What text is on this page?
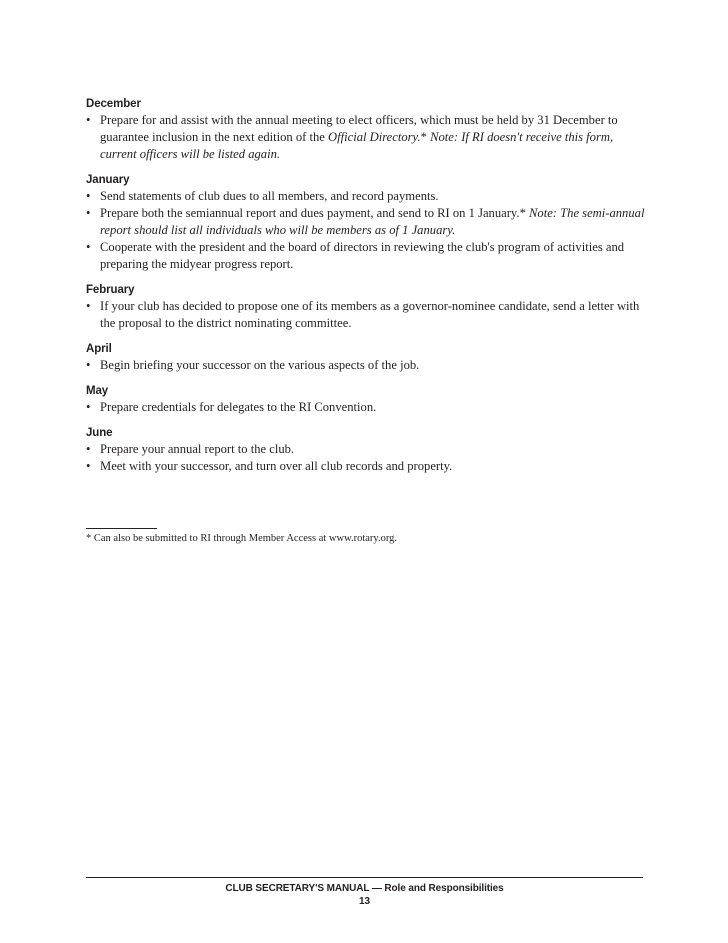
December
• Prepare for and assist with the annual meeting to elect officers, which must be held by 31 December to guarantee inclusion in the next edition of the Official Directory.* Note: If RI doesn't receive this form, current officers will be listed again.
January
• Send statements of club dues to all members, and record payments.
• Prepare both the semiannual report and dues payment, and send to RI on 1 January.* Note: The semi-annual report should list all individuals who will be members as of 1 January.
• Cooperate with the president and the board of directors in reviewing the club's program of activities and preparing the midyear progress report.
February
• If your club has decided to propose one of its members as a governor-nominee candidate, send a letter with the proposal to the district nominating committee.
April
• Begin briefing your successor on the various aspects of the job.
May
• Prepare credentials for delegates to the RI Convention.
June
• Prepare your annual report to the club.
• Meet with your successor, and turn over all club records and property.
* Can also be submitted to RI through Member Access at www.rotary.org.
CLUB SECRETARY'S MANUAL — Role and Responsibilities
13
